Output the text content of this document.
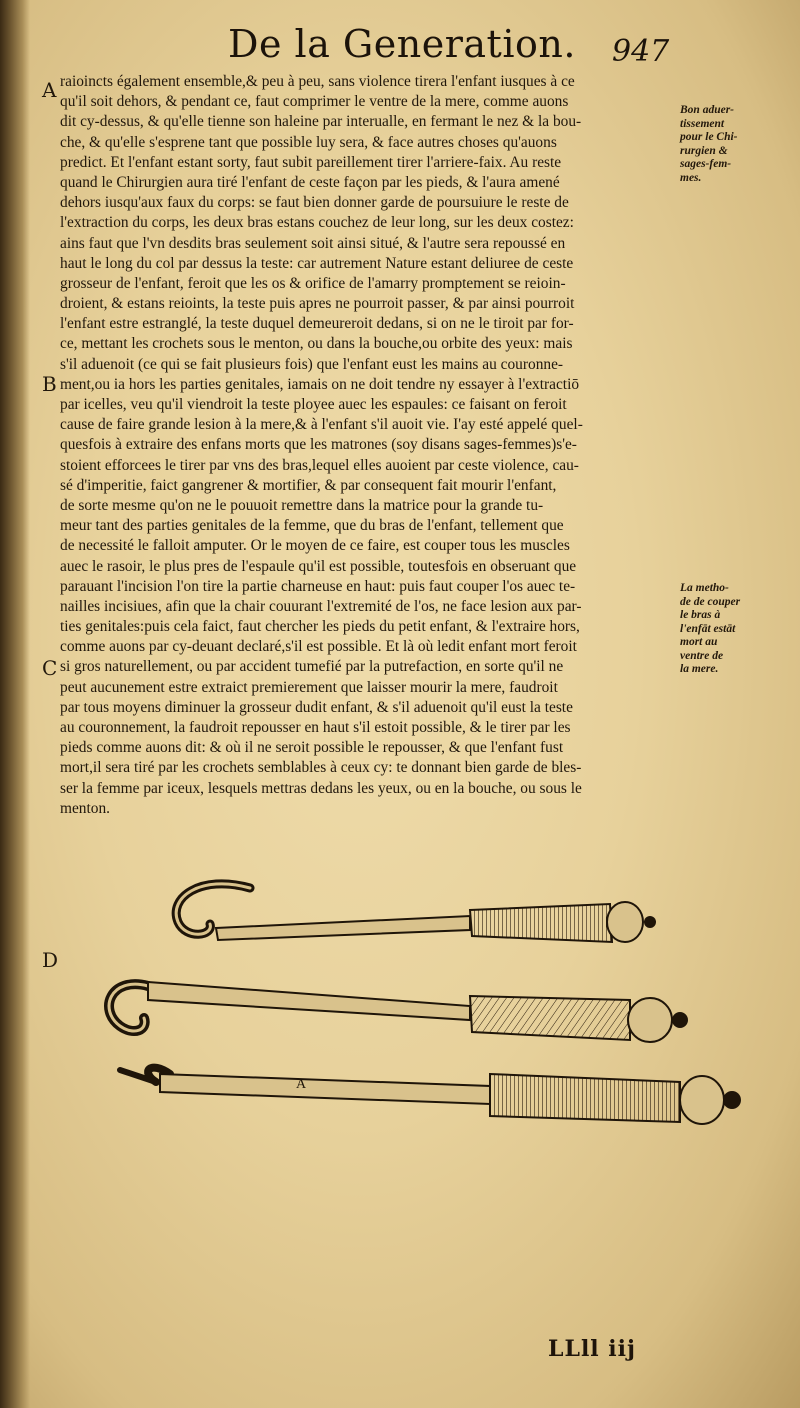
De la Generation. 947
A
B
C
D
raioincts également ensemble,& peu à peu, sans violence tirera l'enfant iusques à ce
qu'il soit dehors, & pendant ce, faut comprimer le ventre de la mere, comme auons
dit cy-dessus, & qu'elle tienne son haleine par interualle, en fermant le nez & la bou-
che, & qu'elle s'esprene tant que possible luy sera, & face autres choses qu'auons
predict. Et l'enfant estant sorty, faut subit pareillement tirer l'arriere-faix. Au reste
quand le Chirurgien aura tiré l'enfant de ceste façon par les pieds, & l'aura amené
dehors iusqu'aux faux du corps: se faut bien donner garde de poursuiure le reste de
l'extraction du corps, les deux bras estans couchez de leur long, sur les deux costez:
ains faut que l'vn desdits bras seulement soit ainsi situé, & l'autre sera repoussé en
haut le long du col par dessus la teste: car autrement Nature estant deliuree de ceste
grosseur de l'enfant, feroit que les os & orifice de l'amarry promptement se reioin-
droient, & estans reioints, la teste puis apres ne pourroit passer, & par ainsi pourroit
l'enfant estre estranglé, la teste duquel demeureroit dedans, si on ne le tiroit par for-
ce, mettant les crochets sous le menton, ou dans la bouche,ou orbite des yeux: mais
s'il aduenoit (ce qui se fait plusieurs fois) que l'enfant eust les mains au couronne-
ment,ou ia hors les parties genitales, iamais on ne doit tendre ny essayer à l'extractiō
par icelles, veu qu'il viendroit la teste ployee auec les espaules: ce faisant on feroit
cause de faire grande lesion à la mere,& à l'enfant s'il auoit vie. I'ay esté appelé quel-
quesfois à extraire des enfans morts que les matrones (soy disans sages-femmes)s'e-
stoient efforcees le tirer par vns des bras,lequel elles auoient par ceste violence, cau-
sé d'imperitie, faict gangrener & mortifier, & par consequent fait mourir l'enfant,
de sorte mesme qu'on ne le pouuoit remettre dans la matrice pour la grande tu-
meur tant des parties genitales de la femme, que du bras de l'enfant, tellement que
de necessité le falloit amputer. Or le moyen de ce faire, est couper tous les muscles
auec le rasoir, le plus pres de l'espaule qu'il est possible, toutesfois en obseruant que
parauant l'incision l'on tire la partie charneuse en haut: puis faut couper l'os auec te-
nailles incisiues, afin que la chair couurant l'extremité de l'os, ne face lesion aux par-
ties genitales:puis cela faict, faut chercher les pieds du petit enfant, & l'extraire hors,
comme auons par cy-deuant declaré,s'il est possible. Et là où ledit enfant mort feroit
si gros naturellement, ou par accident tumefié par la putrefaction, en sorte qu'il ne
peut aucunement estre extraict premierement que laisser mourir la mere, faudroit
par tous moyens diminuer la grosseur dudit enfant, & s'il aduenoit qu'il eust la teste
au couronnement, la faudroit repousser en haut s'il estoit possible, & le tirer par les
pieds comme auons dit: & où il ne seroit possible le repousser, & que l'enfant fust
mort,il sera tiré par les crochets semblables à ceux cy: te donnant bien garde de bles-
ser la femme par iceux, lesquels mettras dedans les yeux, ou en la bouche, ou sous le
menton.
Bon aduer-
tissement
pour le Chi-
rurgien &
sages-fem-
mes.
La metho-
de de couper
le bras à
l'enfāt estāt
mort au
ventre de
la mere.
A
LLll iij
